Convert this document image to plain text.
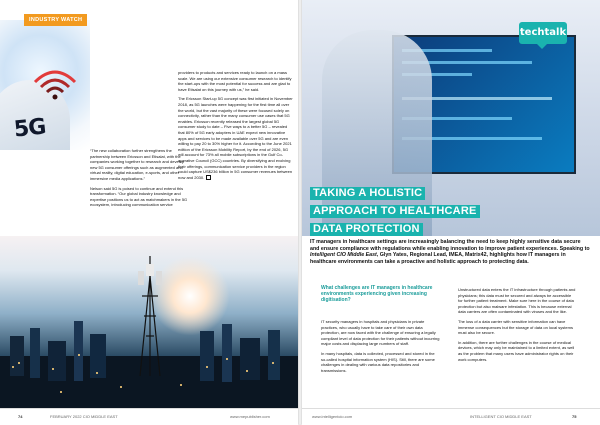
5G
INDUSTRY WATCH

“The new collaboration further strengthens the partnership between Ericsson and Etisalat, with the companies working together to research and develop new 5G consumer offerings such as augmented and virtual reality, digital education, e-sports, and other immersive media applications.”

Nelson said 5G is poised to continue and extend this transformation. “Our global industry knowledge and expertise positions us to act as matchmakers in the 5G ecosystem, introducing communication service

providers to products and services ready to launch on a mass scale. We are using our extensive consumer research to identify the start-ups with the most potential for success and are glad to have Etisalat on this journey with us,” he said.

The Ericsson Start-up 5G concept was first initiated in November 2018, as 5G launches were happening for the first time all over the world, but the vast majority of these were focused solely on connectivity, rather than the many consumer use cases that 5G enables. Ericsson recently released the largest global 5G consumer study to date – Five ways to a better 5G – revealed that 80% of 5G early adopters in UAE expect new innovative apps and services to be made available over 5G and are even willing to pay 20 to 30% higher for it. According to the June 2021 edition of the Ericsson Mobility Report, by the end of 2026, 5G will account for 73% all mobile subscriptions in the Gulf Co-operative Council (GCC) countries. By diversifying and evolving their offerings, communication service providers in the region could capture US$236 billion in 5G consumer revenues between now and 2030.

74	FEBRUARY 2022 CIO MIDDLE EAST	www.mepublisher.com
techtalk
TAKING A HOLISTIC
APPROACH TO HEALTHCARE
DATA PROTECTION
IT managers in healthcare settings are increasingly balancing the need to keep highly sensitive data secure and ensure compliance with regulations while enabling innovation to improve patient experiences. Speaking to Intelligent CIO Middle East, Glyn Yates, Regional Lead, IMEA, Matrix42, highlights how IT managers in healthcare environments can take a proactive and holistic approach to protecting data.
What challenges are IT managers in healthcare environments experiencing given increasing digitisation?

IT security managers in hospitals and physicians in private practices, who usually have to take care of their own data protection, are now faced with the challenge of ensuring a legally compliant level of data protection for their patients without incurring major costs and displacing large numbers of staff.

In many hospitals, data is collected, processed and stored in the so-called hospital information system (HIS). Still, there are some challenges in dealing with various data repositories and transmissions.

Unstructured data enters the IT infrastructure through patients and physicians; this data must be secured and always be accessible for further patient treatment. Make sure here in the course of data protection but also malware infestation. This is because external data carriers are often contaminated with viruses and the like.

The loss of a data carrier with sensitive information can have immense consequences but the storage of data on local systems must also be secure.

In addition, there are further challenges in the course of medical devices, which may only be maintained to a limited extent, as well as the problem that many users have administrator rights on their work computers.

www.intelligentcio.com	INTELLIGENT CIO MIDDLE EAST	75
